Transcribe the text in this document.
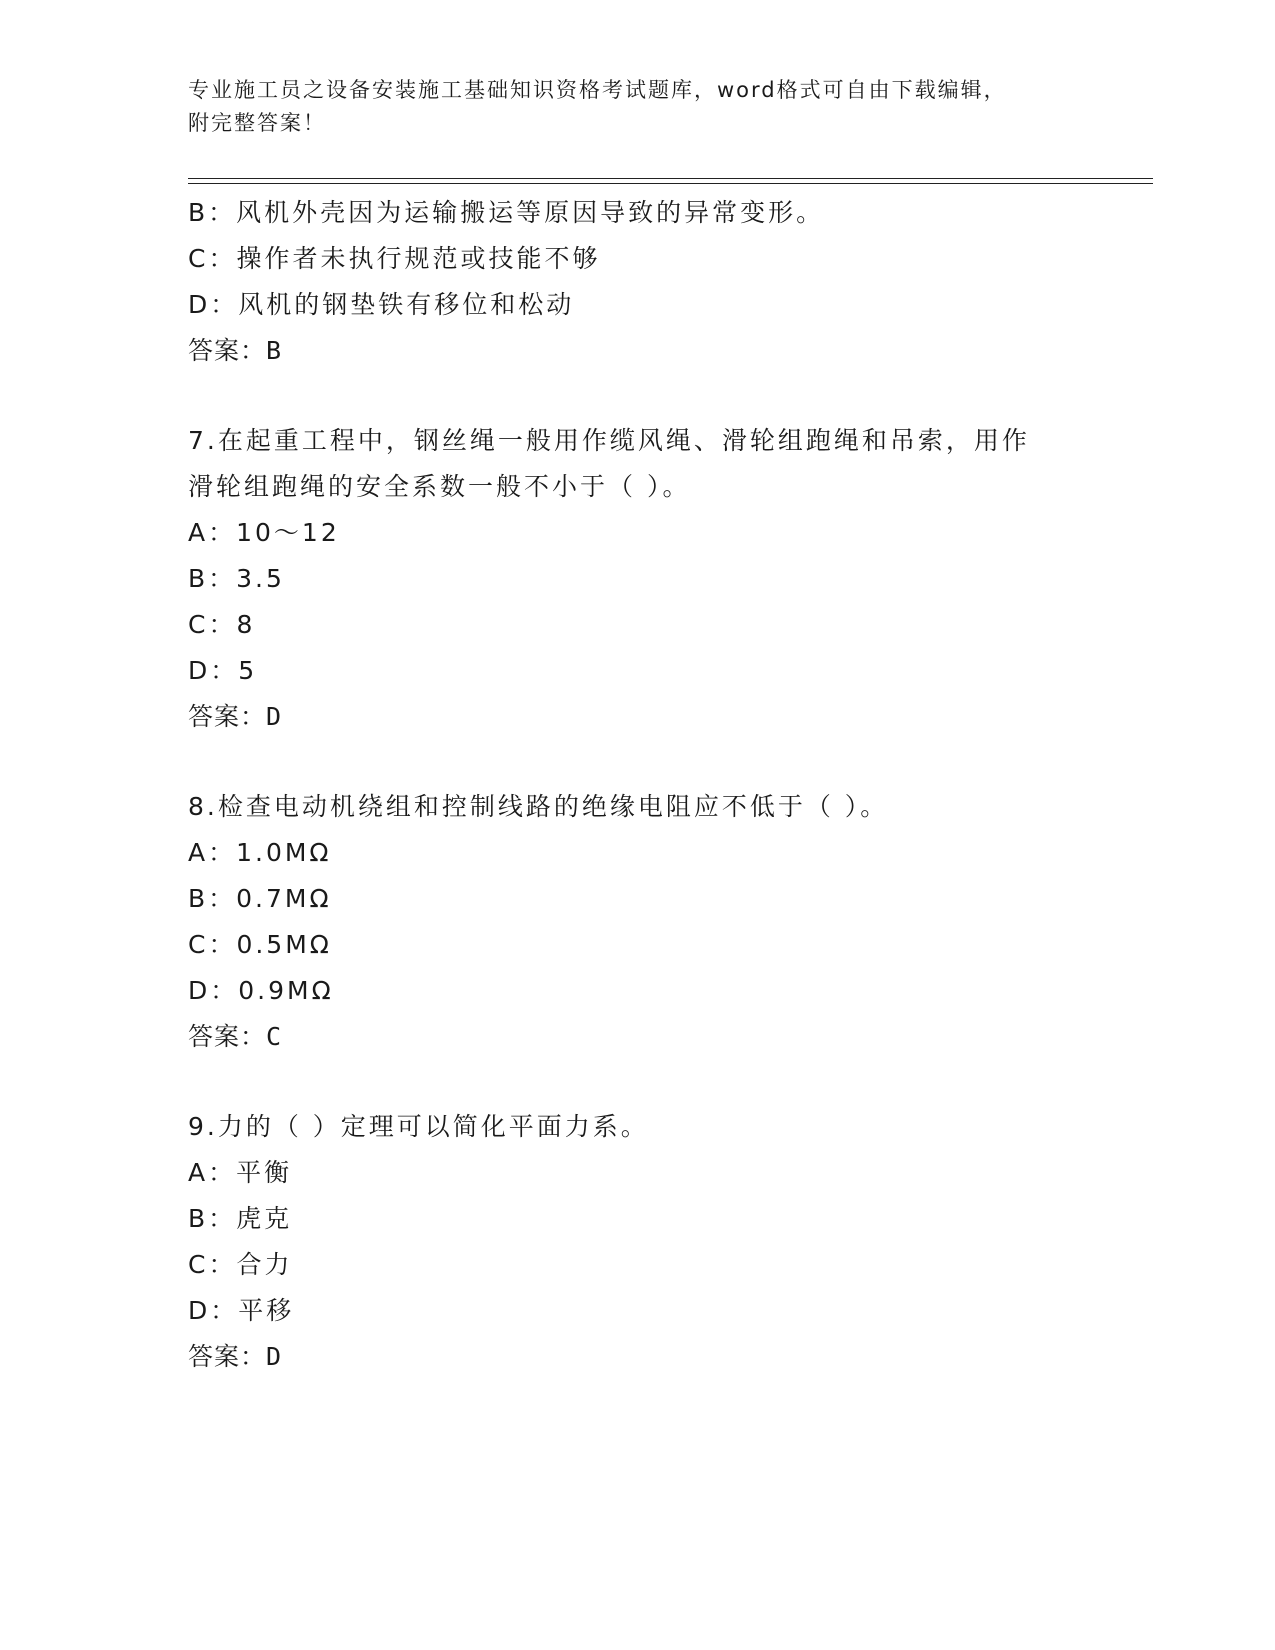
专业施工员之设备安装施工基础知识资格考试题库，word格式可自由下载编辑，
附完整答案！
B：风机外壳因为运输搬运等原因导致的异常变形。
C：操作者未执行规范或技能不够
D：风机的钢垫铁有移位和松动
答案：B
7.在起重工程中，钢丝绳一般用作缆风绳、滑轮组跑绳和吊索，用作
滑轮组跑绳的安全系数一般不小于（ ）。
A：10～12
B：3.5
C：8
D：5
答案：D
8.检查电动机绕组和控制线路的绝缘电阻应不低于（ ）。
A：1.0MΩ
B：0.7MΩ
C：0.5MΩ
D：0.9MΩ
答案：C
9.力的（ ）定理可以简化平面力系。
A：平衡
B：虎克
C：合力
D：平移
答案：D
